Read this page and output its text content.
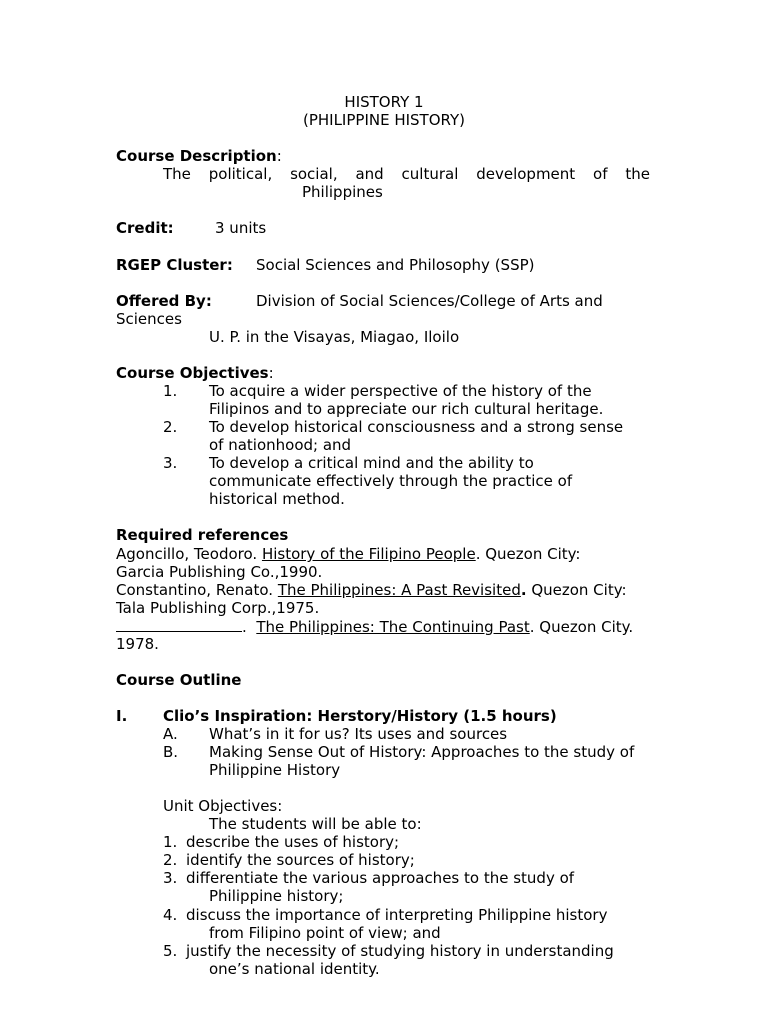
HISTORY 1
(PHILIPPINE HISTORY)
Course Description:
The political, social, and cultural development of the
Philippines
Credit:	3 units
RGEP Cluster: Social Sciences and Philosophy (SSP)
Offered By:	Division of Social Sciences/College of Arts and
Sciences
U. P. in the Visayas, Miagao, Iloilo
Course Objectives:
1. To acquire a wider perspective of the history of the
Filipinos and to appreciate our rich cultural heritage.
2. To develop historical consciousness and a strong sense
of nationhood; and
3. To develop a critical mind and the ability to
communicate effectively through the practice of
historical method.
Required references
Agoncillo, Teodoro. History of the Filipino People. Quezon City:
Garcia Publishing Co.,1990.
Constantino, Renato. The Philippines: A Past Revisited. Quezon City:
Tala Publishing Corp.,1975.
.  The Philippines: The Continuing Past. Quezon City.
1978.
Course Outline
I. Clio’s Inspiration: Herstory/History (1.5 hours)
A. What’s in it for us? Its uses and sources
B. Making Sense Out of History: Approaches to the study of
Philippine History
Unit Objectives:
The students will be able to:
1. describe the uses of history;
2. identify the sources of history;
3. differentiate the various approaches to the study of
Philippine history;
4. discuss the importance of interpreting Philippine history
from Filipino point of view; and
5. justify the necessity of studying history in understanding
one’s national identity.
